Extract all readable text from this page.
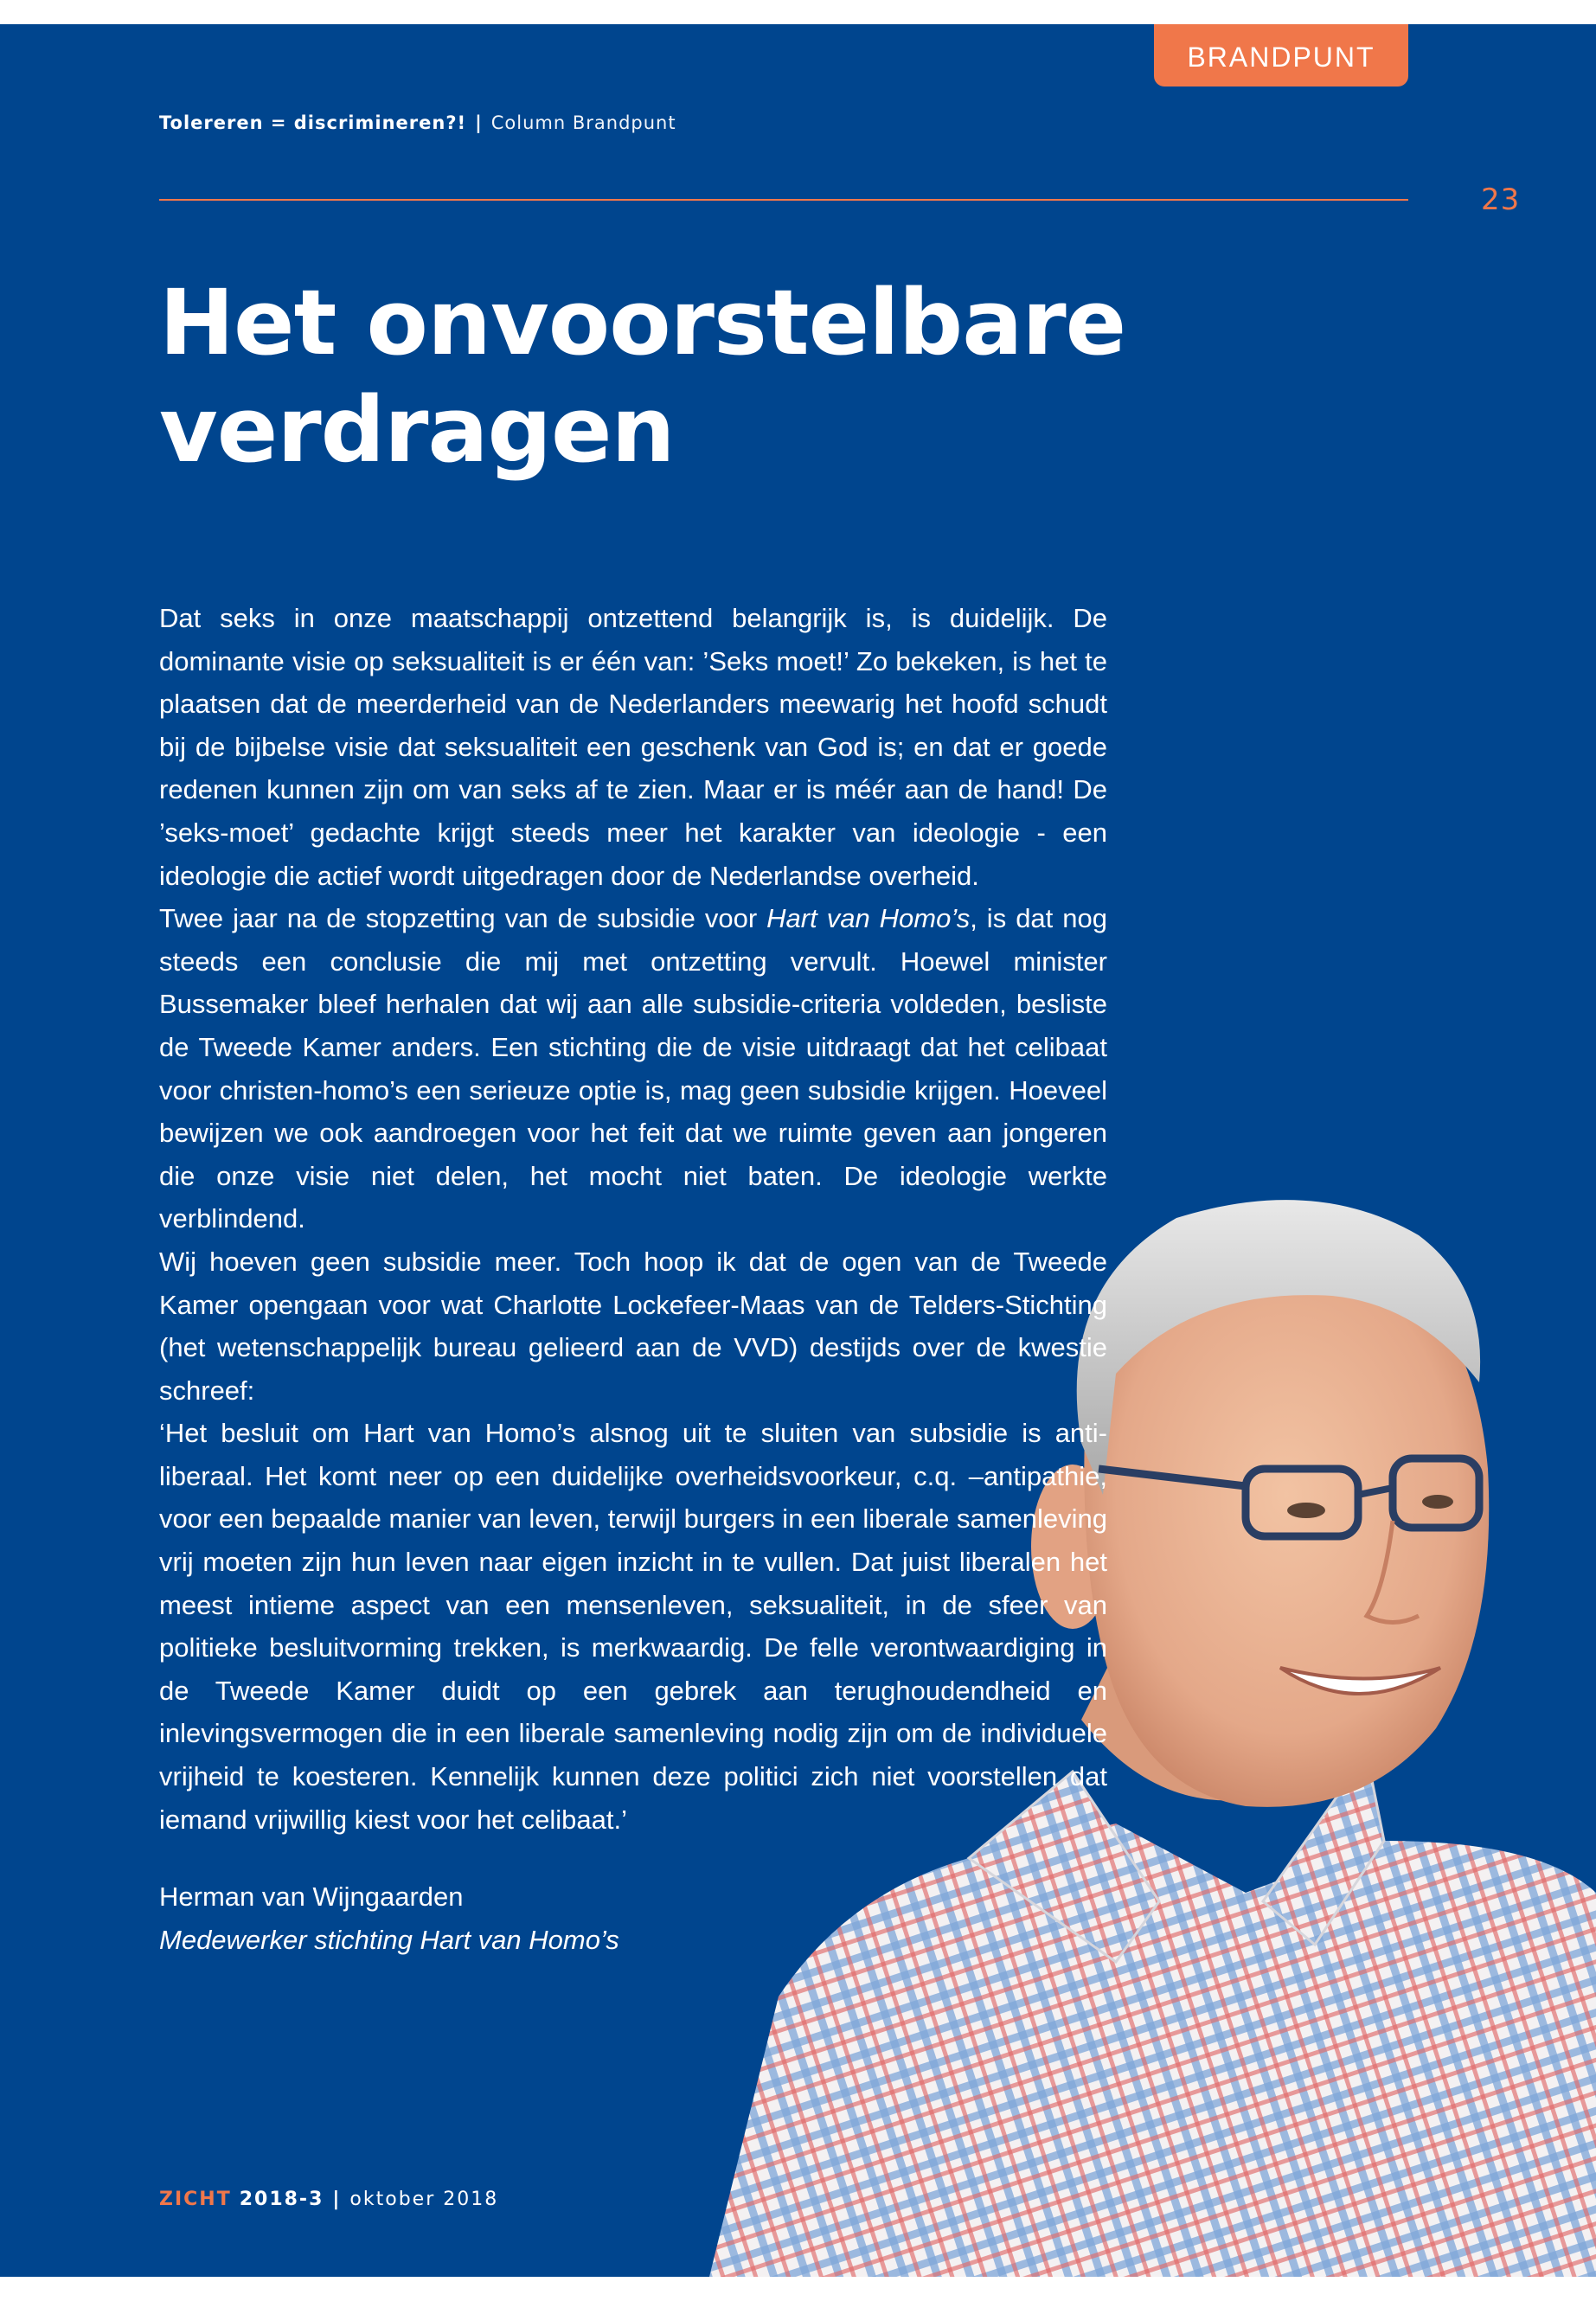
BRANDPUNT
Tolereren = discrimineren?! | Column Brandpunt
23
Het onvoorstelbare
verdragen

Dat seks in onze maatschappij ontzettend belangrijk is, is duidelijk. De dominante visie op seksualiteit is er één van: ’Seks moet!’ Zo bekeken, is het te plaatsen dat de meerderheid van de Nederlanders meewarig het hoofd schudt bij de bijbelse visie dat seksualiteit een geschenk van God is; en dat er goede redenen kunnen zijn om van seks af te zien. Maar er is méér aan de hand! De ’seks-moet’ gedachte krijgt steeds meer het karakter van ideologie - een ideologie die actief wordt uitgedragen door de Nederlandse overheid.

Twee jaar na de stopzetting van de subsidie voor Hart van Homo’s, is dat nog steeds een conclusie die mij met ontzetting vervult. Hoewel minister Bussemaker bleef herhalen dat wij aan alle subsidie-criteria voldeden, besliste de Tweede Kamer anders. Een stichting die de visie uitdraagt dat het celibaat voor christen-homo’s een serieuze optie is, mag geen subsidie krijgen. Hoeveel bewijzen we ook aandroegen voor het feit dat we ruimte geven aan jongeren die onze visie niet delen, het mocht niet baten. De ideologie werkte verblindend.

Wij hoeven geen subsidie meer. Toch hoop ik dat de ogen van de Tweede Kamer opengaan voor wat Charlotte Lockefeer-Maas van de Telders-Stichting (het wetenschappelijk bureau gelieerd aan de VVD) destijds over de kwestie schreef:

‘Het besluit om Hart van Homo’s alsnog uit te sluiten van subsidie is anti-liberaal. Het komt neer op een duidelijke overheidsvoorkeur, c.q. –antipathie, voor een bepaalde manier van leven, terwijl burgers in een liberale samenleving vrij moeten zijn hun leven naar eigen inzicht in te vullen. Dat juist liberalen het meest intieme aspect van een mensenleven, seksualiteit, in de sfeer van politieke besluitvorming trekken, is merkwaardig. De felle verontwaardiging in de Tweede Kamer duidt op een gebrek aan terughoudendheid en inlevingsvermogen die in een liberale samenleving nodig zijn om de individuele vrijheid te koesteren. Kennelijk kunnen deze politici zich niet voorstellen dat iemand vrijwillig kiest voor het celibaat.’

Herman van Wijngaarden

Medewerker stichting Hart van Homo’s

ZICHT 2018-3 | oktober 2018
